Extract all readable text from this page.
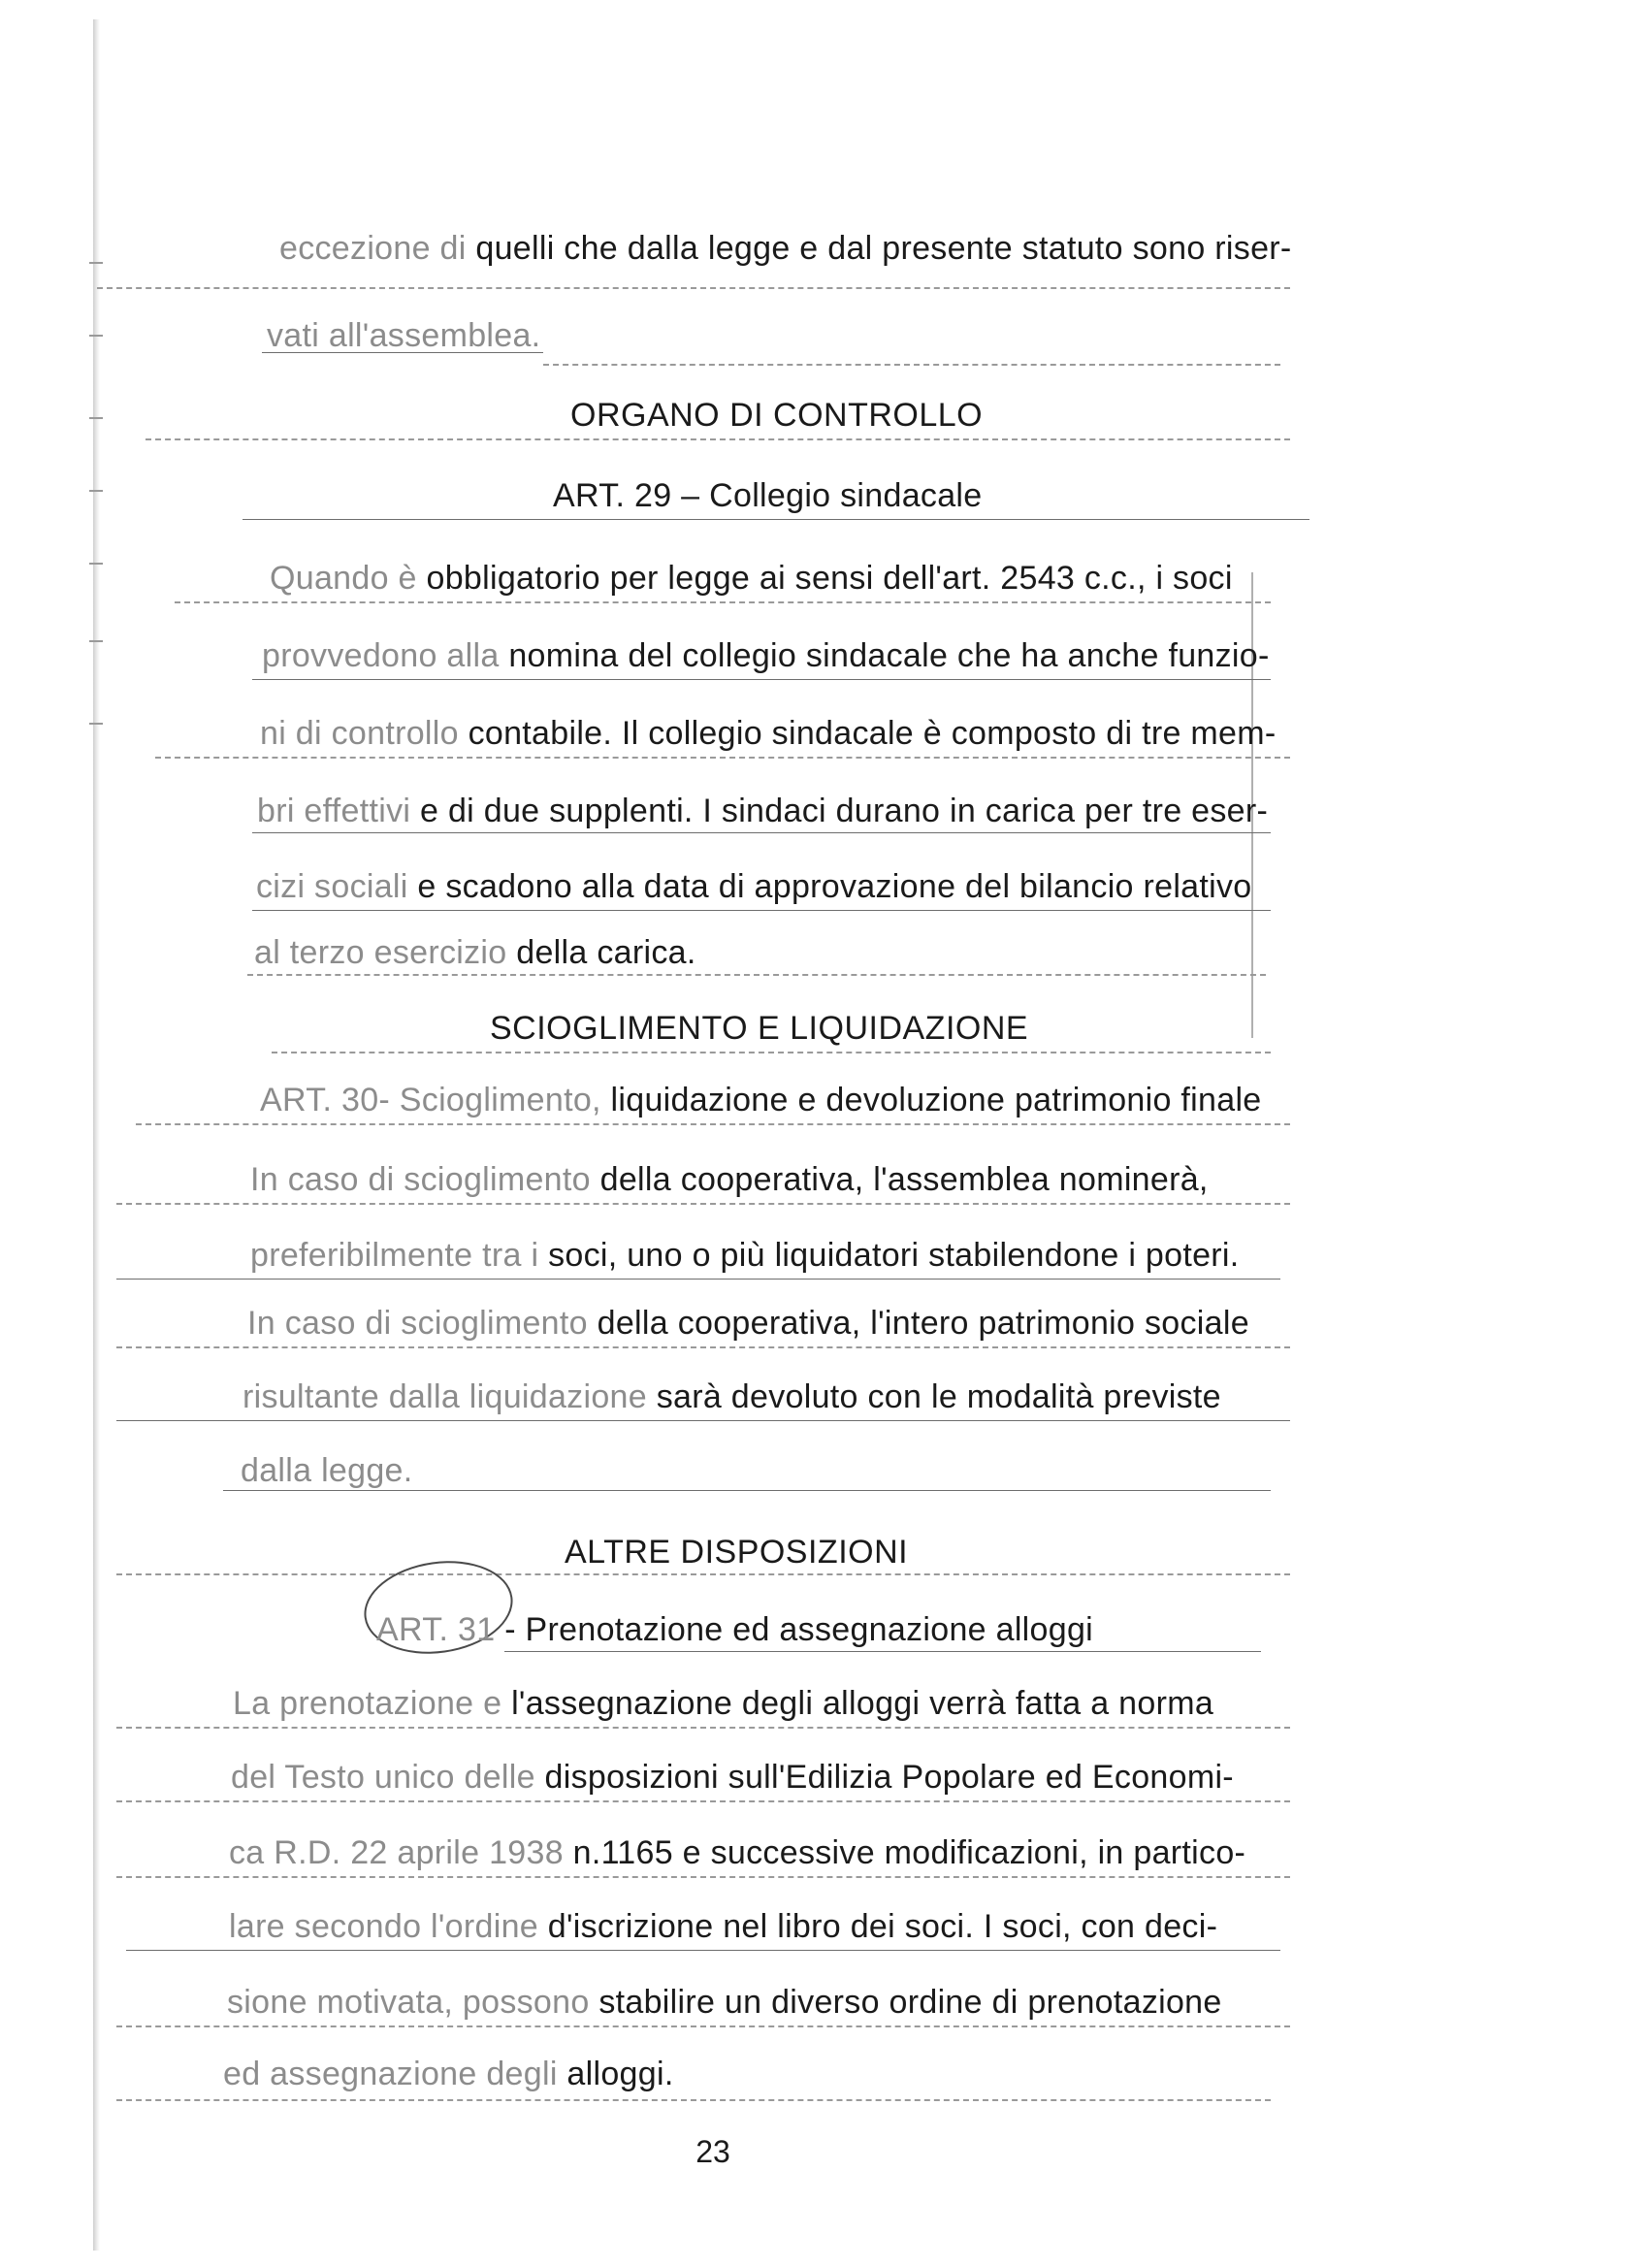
eccezione di quelli che dalla legge e dal presente statuto sono riser-
vati all'assemblea.
ORGANO DI CONTROLLO
ART. 29 – Collegio sindacale
Quando è obbligatorio per legge ai sensi dell'art. 2543 c.c., i soci
provvedono alla nomina del collegio sindacale che ha anche funzio-
ni di controllo contabile. Il collegio sindacale è composto di tre mem-
bri effettivi e di due supplenti. I sindaci durano in carica per tre eser-
cizi sociali e scadono alla data di approvazione del bilancio relativo
al terzo esercizio della carica.
SCIOGLIMENTO E LIQUIDAZIONE
ART. 30- Scioglimento, liquidazione e devoluzione patrimonio finale
In caso di scioglimento della cooperativa, l'assemblea nominerà,
preferibilmente tra i soci, uno o più liquidatori stabilendone i poteri.
In caso di scioglimento della cooperativa, l'intero patrimonio sociale
risultante dalla liquidazione sarà devoluto con le modalità previste
dalla legge.
ALTRE DISPOSIZIONI
ART. 31 - Prenotazione ed assegnazione alloggi
La prenotazione e l'assegnazione degli alloggi verrà fatta a norma
del Testo unico delle disposizioni sull'Edilizia Popolare ed Economi-
ca R.D. 22 aprile 1938 n.1165 e successive modificazioni, in partico-
lare secondo l'ordine d'iscrizione nel libro dei soci. I soci, con deci-
sione motivata, possono stabilire un diverso ordine di prenotazione
ed assegnazione degli alloggi.
23
